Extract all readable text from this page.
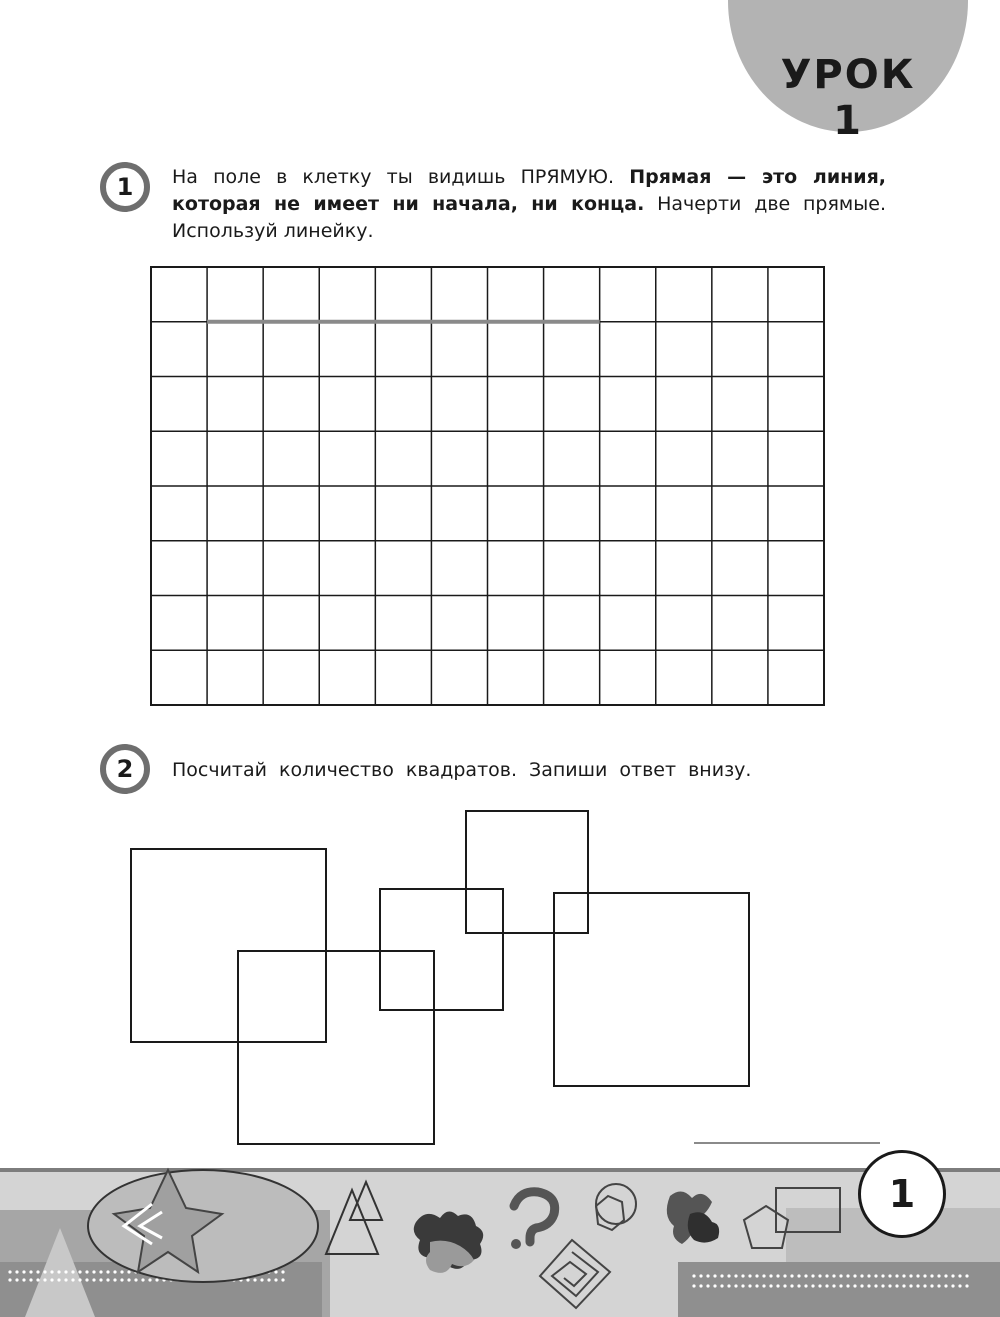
УРОК 1
1 На поле в клетку ты видишь ПРЯМУЮ. Прямая — это линия, которая не имеет ни начала, ни конца. Начерти две прямые. Используй линейку.
2 Посчитай количество квадратов. Запиши ответ внизу.
1
